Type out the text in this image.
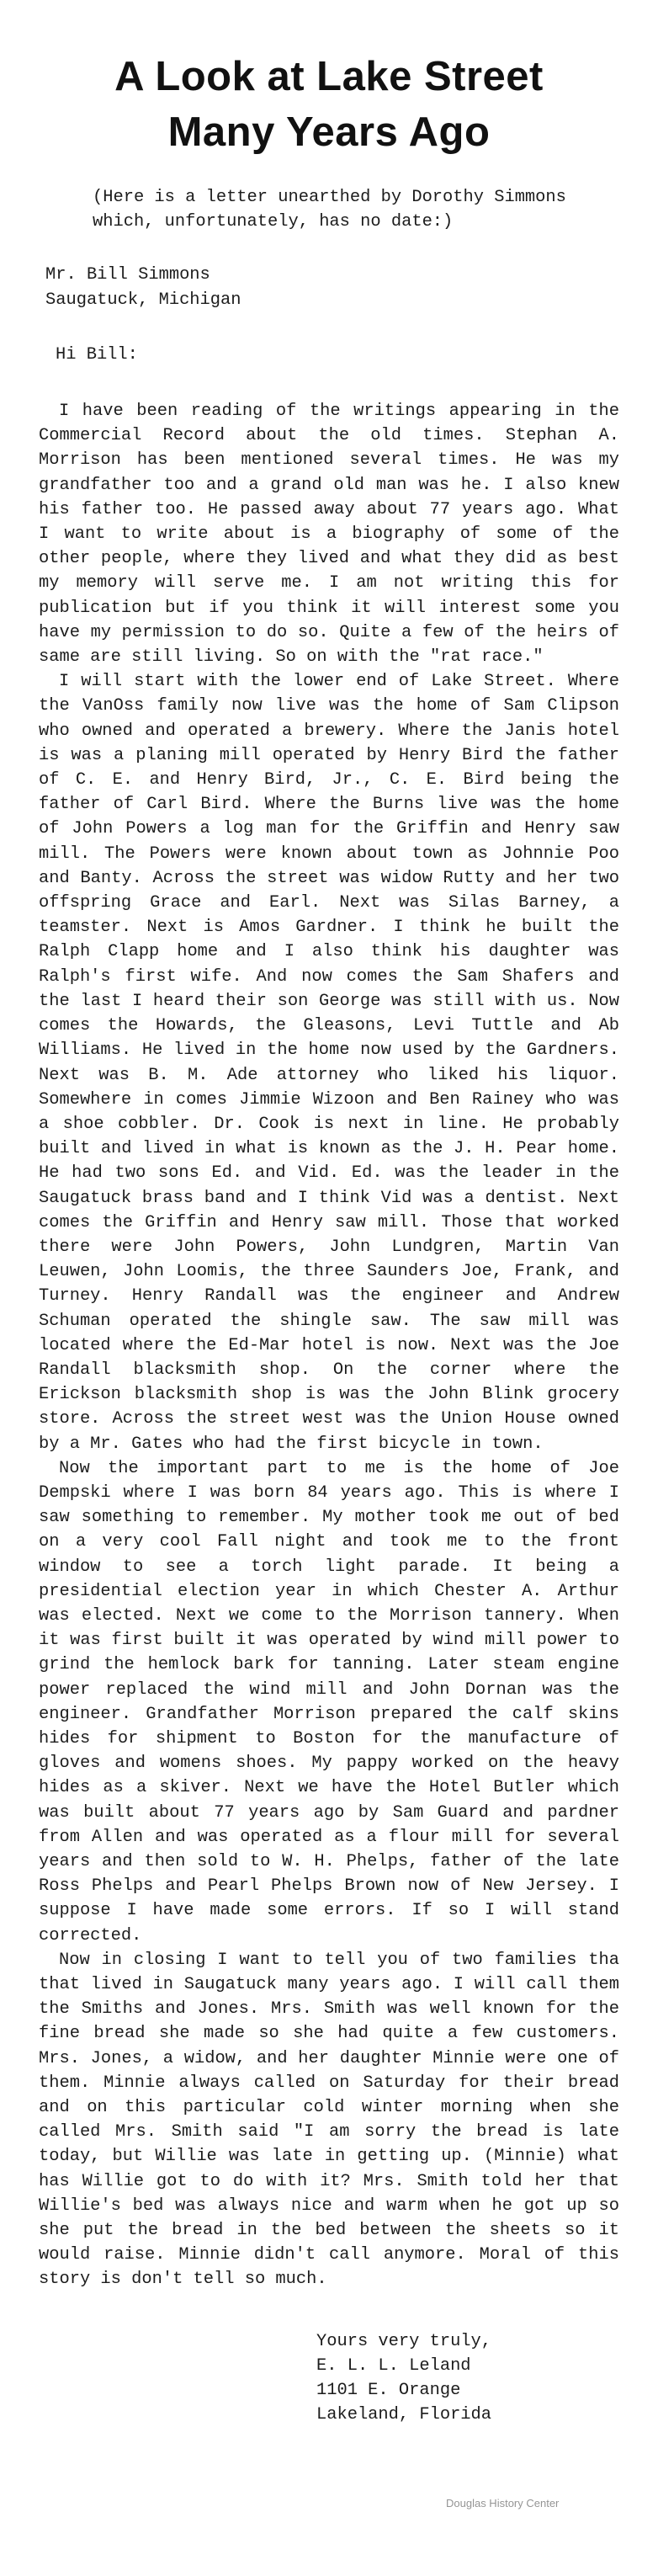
A Look at Lake Street
Many Years Ago
(Here is a letter unearthed by Dorothy Simmons which, unfortunately, has no date:)
Mr. Bill Simmons
Saugatuck, Michigan
Hi Bill:

I have been reading of the writings appearing in the Commercial Record about the old times. Stephan A. Morrison has been mentioned several times. He was my grandfather too and a grand old man was he. I also knew his father too. He passed away about 77 years ago. What I want to write about is a biography of some of the other people, where they lived and what they did as best my memory will serve me. I am not writing this for publication but if you think it will interest some you have my permission to do so. Quite a few of the heirs of same are still living. So on with the "rat race."

I will start with the lower end of Lake Street. Where the VanOss family now live was the home of Sam Clipson who owned and operated a brewery. Where the Janis hotel is was a planing mill operated by Henry Bird the father of C. E. and Henry Bird, Jr., C. E. Bird being the father of Carl Bird. Where the Burns live was the home of John Powers a log man for the Griffin and Henry saw mill. The Powers were known about town as Johnnie Poo and Banty. Across the street was widow Rutty and her two offspring Grace and Earl. Next was Silas Barney, a teamster. Next is Amos Gardner. I think he built the Ralph Clapp home and I also think his daughter was Ralph's first wife. And now comes the Sam Shafers and the last I heard their son George was still with us. Now comes the Howards, the Gleasons, Levi Tuttle and Ab Williams. He lived in the home now used by the Gardners. Next was B. M. Ade attorney who liked his liquor. Somewhere in comes Jimmie Wizoon and Ben Rainey who was a shoe cobbler. Dr. Cook is next in line. He probably built and lived in what is known as the J. H. Pear home. He had two sons Ed. and Vid. Ed. was the leader in the Saugatuck brass band and I think Vid was a dentist. Next comes the Griffin and Henry saw mill. Those that worked there were John Powers, John Lundgren, Martin Van Leuwen, John Loomis, the three Saunders Joe, Frank, and Turney. Henry Randall was the engineer and Andrew Schuman operated the shingle saw. The saw mill was located where the Ed-Mar hotel is now. Next was the Joe Randall blacksmith shop. On the corner where the Erickson blacksmith shop is was the John Blink grocery store. Across the street west was the Union House owned by a Mr. Gates who had the first bicycle in town.

Now the important part to me is the home of Joe Dempski where I was born 84 years ago. This is where I saw something to remember. My mother took me out of bed on a very cool Fall night and took me to the front window to see a torch light parade. It being a presidential election year in which Chester A. Arthur was elected. Next we come to the Morrison tannery. When it was first built it was operated by wind mill power to grind the hemlock bark for tanning. Later steam engine power replaced the wind mill and John Dornan was the engineer. Grandfather Morrison prepared the calf skins hides for shipment to Boston for the manufacture of gloves and womens shoes. My pappy worked on the heavy hides as a skiver. Next we have the Hotel Butler which was built about 77 years ago by Sam Guard and pardner from Allen and was operated as a flour mill for several years and then sold to W. H. Phelps, father of the late Ross Phelps and Pearl Phelps Brown now of New Jersey. I suppose I have made some errors. If so I will stand corrected.

Now in closing I want to tell you of two families tha that lived in Saugatuck many years ago. I will call them the Smiths and Jones. Mrs. Smith was well known for the fine bread she made so she had quite a few customers. Mrs. Jones, a widow, and her daughter Minnie were one of them. Minnie always called on Saturday for their bread and on this particular cold winter morning when she called Mrs. Smith said "I am sorry the bread is late today, but Willie was late in getting up. (Minnie) what has Willie got to do with it? Mrs. Smith told her that Willie's bed was always nice and warm when he got up so she put the bread in the bed between the sheets so it would raise. Minnie didn't call anymore. Moral of this story is don't tell so much.

Yours very truly,
E. L. L. Leland
1101 E. Orange
Lakeland, Florida
Douglas History Center
